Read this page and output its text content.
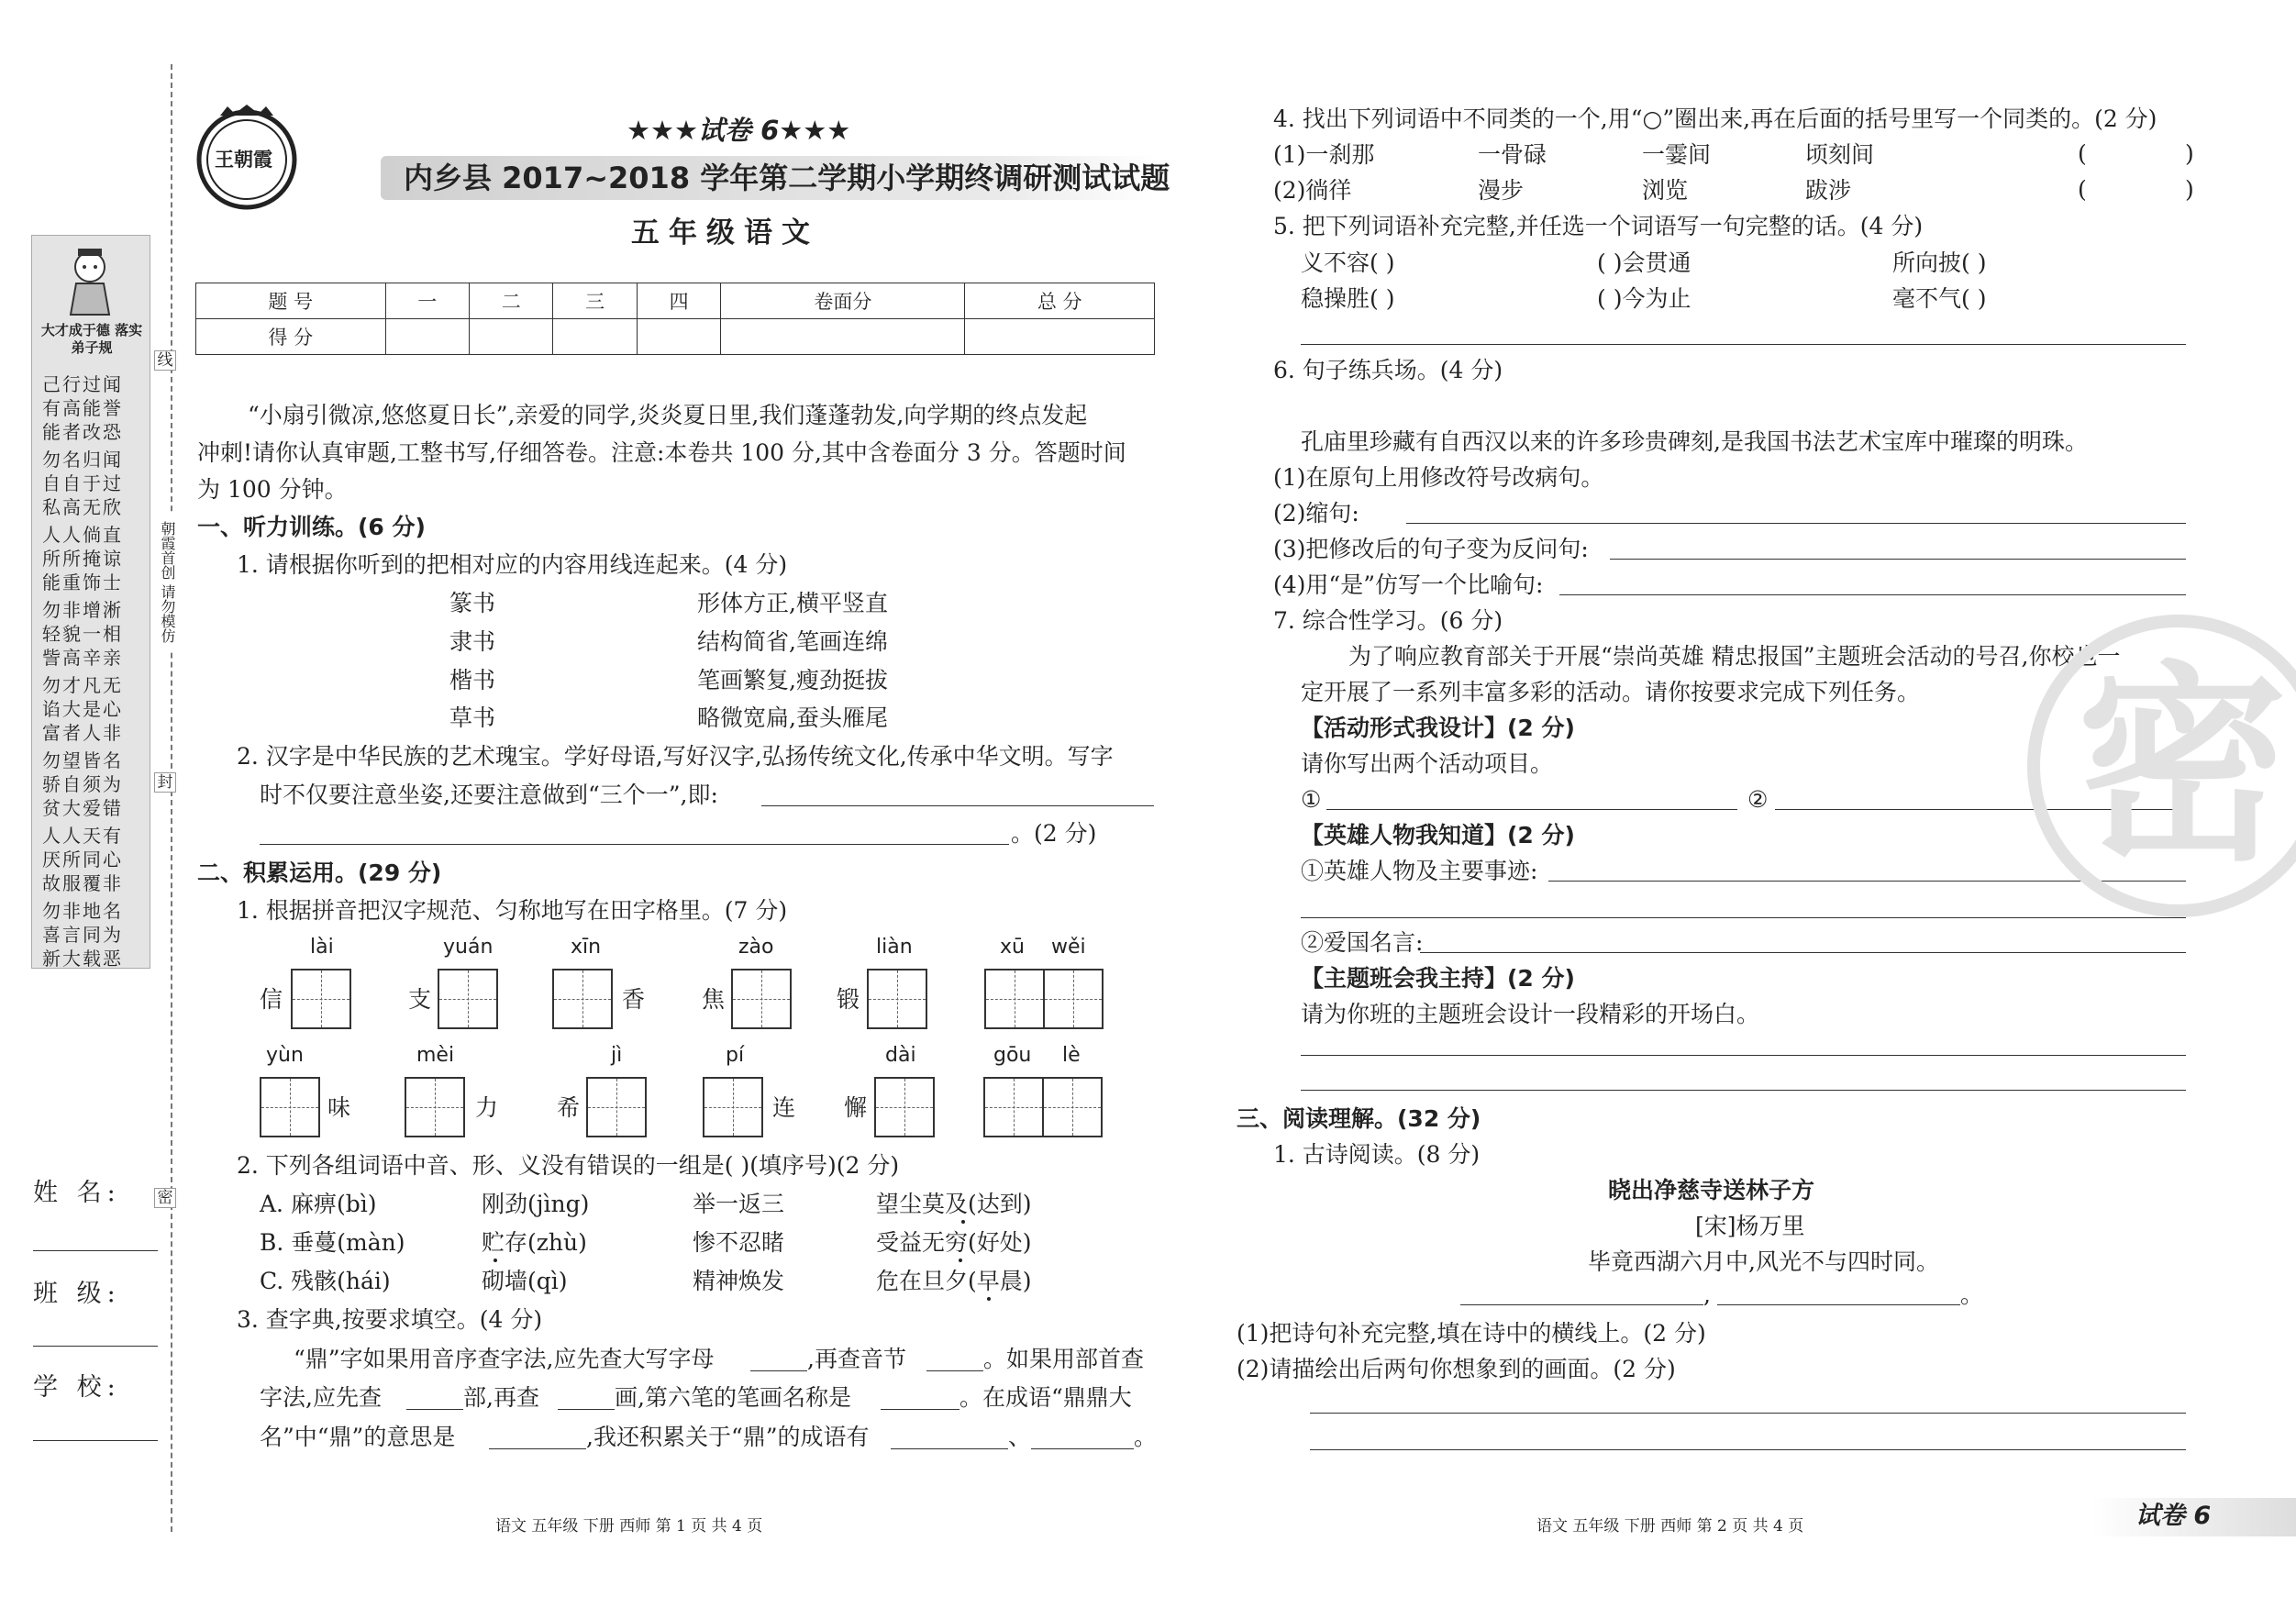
大才成于德 落实弟子规
己行过闻
有高能誉
能者改恐
勿名归闻
自自于过
私高无欣
人人倘直
所所掩谅
能重饰士
勿非增淅
轻貌一相
訾高辛亲
勿才凡无
谄大是心
富者人非
勿望皆名
骄自须为
贫大爱错
人人天有
厌所同心
故服覆非
勿非地名
喜言同为
新大载恶
线
朝霞首创 请勿模仿
封
密
姓 名:
班 级:
学 校:
王朝霞
★★★试卷 6★★★
内乡县 2017~2018 学年第二学期小学期终调研测试试题
五年级语文
题 号	一	二	三	四	卷面分	总 分
得 分						
“小扇引微凉,悠悠夏日长”,亲爱的同学,炎炎夏日里,我们蓬蓬勃发,向学期的终点发起
冲刺!请你认真审题,工整书写,仔细答卷。注意:本卷共 100 分,其中含卷面分 3 分。答题时间
为 100 分钟。
一、听力训练。(6 分)
1. 请根据你听到的把相对应的内容用线连起来。(4 分)
篆书
隶书
楷书
草书
形体方正,横平竖直
结构简省,笔画连绵
笔画繁复,瘦劲挺拔
略微宽扁,蚕头雁尾
2. 汉字是中华民族的艺术瑰宝。学好母语,写好汉字,弘扬传统文化,传承中华文明。写字
时不仅要注意坐姿,还要注意做到“三个一”,即:
。(2 分)
二、积累运用。(29 分)
1. 根据拼音把汉字规范、匀称地写在田字格里。(7 分)
lài	yuán	xīn	zào	liàn	xū wěi
信	支	香 焦	锻
yùn	mèi	jì	pí	dài	gōu lè
味	力	希	连 懈
2. 下列各组词语中音、形、义没有错误的一组是( )(填序号)(2 分)
A. 麻痹(bì)	刚劲(jìng)	举一返三	望尘莫及(达到)
B. 垂蔓(màn)	贮存(zhù)	惨不忍睹	受益无穷(好处)
C. 残骸(hái)	砌墙(qì)	精神焕发	危在旦夕(早晨)
3. 查字典,按要求填空。(4 分)
“鼎”字如果用音序查字法,应先查大写字母	,再查音节	。如果用部首查
字法,应先查	部,再查	画,第六笔的笔画名称是	。在成语“鼎鼎大
名”中“鼎”的意思是	,我还积累关于“鼎”的成语有	、	。
语文 五年级 下册 西师 第 1 页 共 4 页
4. 找出下列词语中不同类的一个,用“○”圈出来,再在后面的括号里写一个同类的。(2 分)
(1)一刹那	一骨碌	一霎间	顷刻间	(	)
(2)徜徉	漫步	浏览	跋涉	(	)
5. 把下列词语补充完整,并任选一个词语写一句完整的话。(4 分)
义不容( )	( )会贯通	所向披( )
稳操胜( )	( )今为止	毫不气( )
6. 句子练兵场。(4 分)
孔庙里珍藏有自西汉以来的许多珍贵碑刻,是我国书法艺术宝库中璀璨的明珠。
(1)在原句上用修改符号改病句。
(2)缩句:
(3)把修改后的句子变为反问句:
(4)用“是”仿写一个比喻句:
7. 综合性学习。(6 分)
为了响应教育部关于开展“崇尚英雄 精忠报国”主题班会活动的号召,你校也一
定开展了一系列丰富多彩的活动。请你按要求完成下列任务。
【活动形式我设计】(2 分)
请你写出两个活动项目。
①	②
【英雄人物我知道】(2 分)
①英雄人物及主要事迹:
②爱国名言:
【主题班会我主持】(2 分)
请为你班的主题班会设计一段精彩的开场白。
三、阅读理解。(32 分)
1. 古诗阅读。(8 分)
晓出净慈寺送林子方
[宋]杨万里
毕竟西湖六月中,风光不与四时同。
,	。
(1)把诗句补充完整,填在诗中的横线上。(2 分)
(2)请描绘出后两句你想象到的画面。(2 分)
语文 五年级 下册 西师 第 2 页 共 4 页	试卷 6
密
